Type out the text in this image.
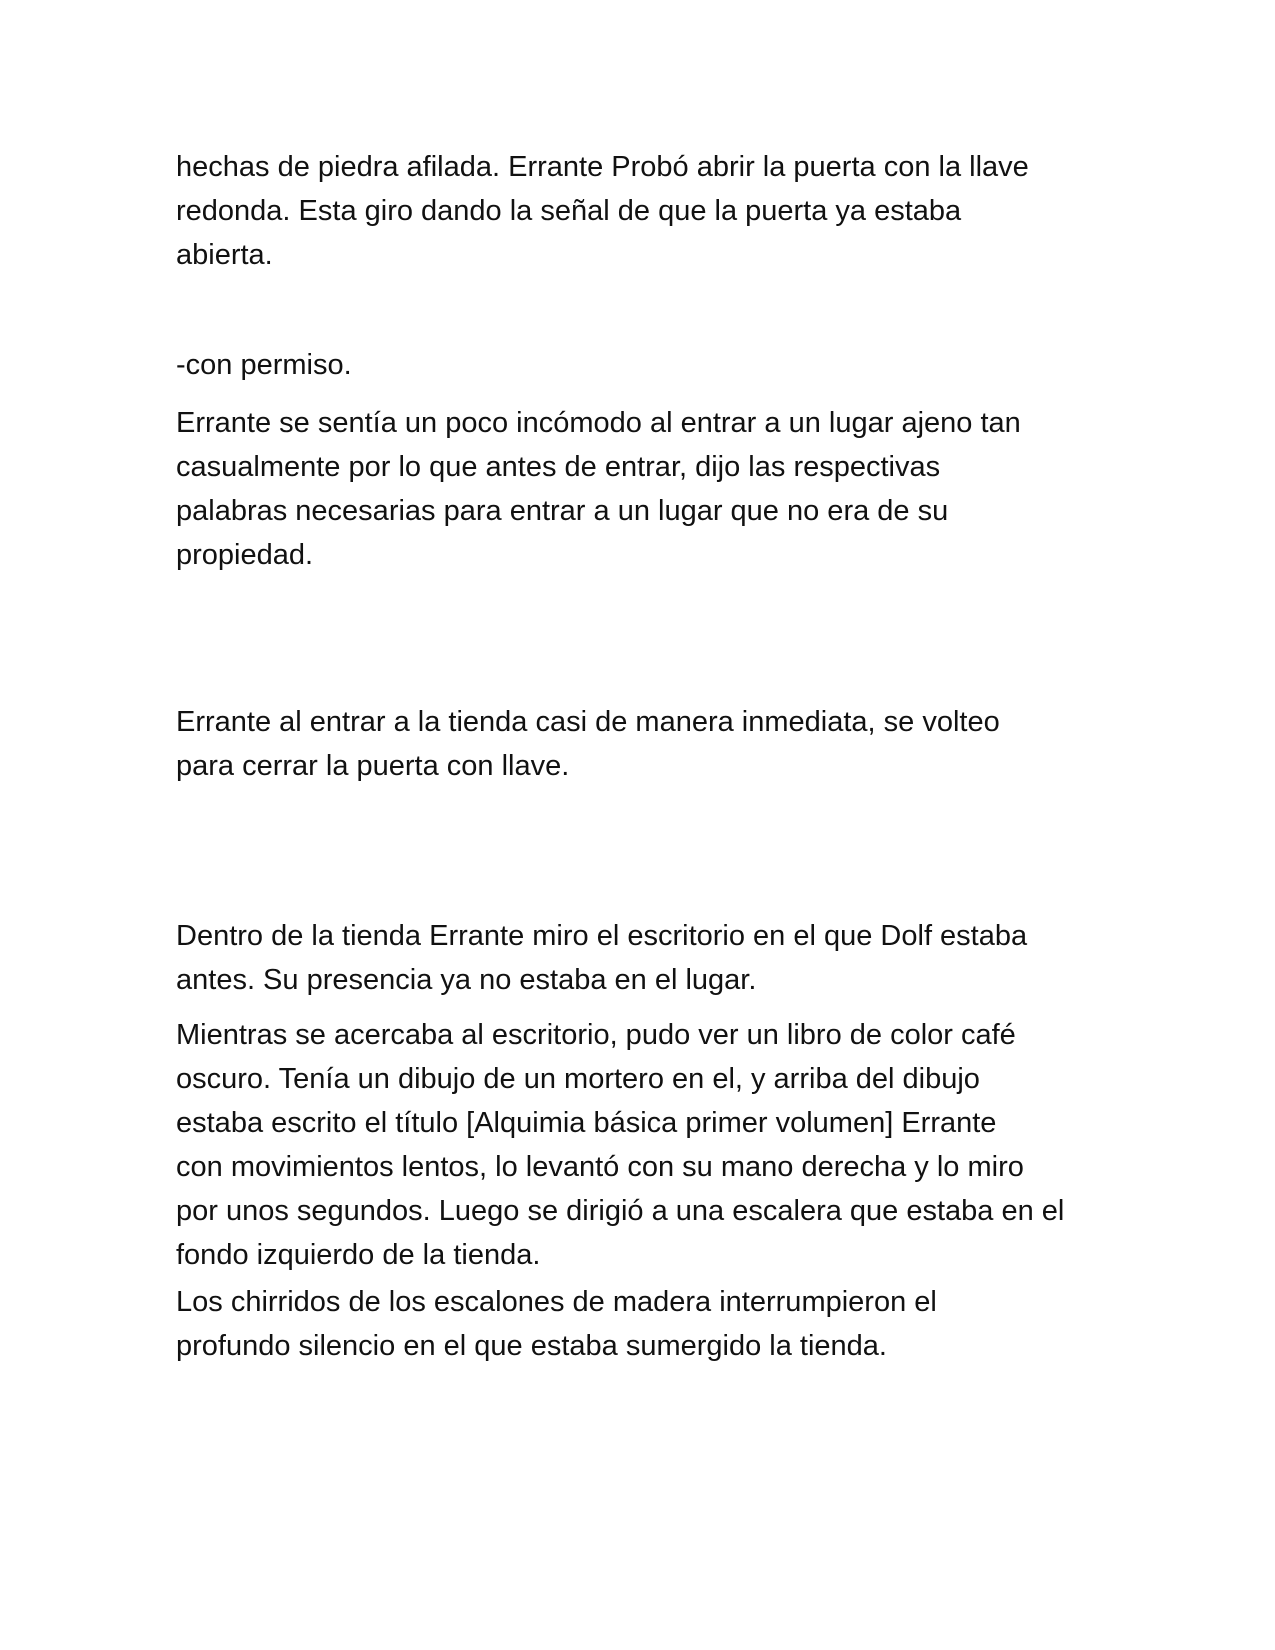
hechas de piedra afilada. Errante Probó abrir la puerta con la llave
redonda. Esta giro dando la señal de que la puerta ya estaba
abierta.

-con permiso.

Errante se sentía un poco incómodo al entrar a un lugar ajeno tan
casualmente por lo que antes de entrar, dijo las respectivas
palabras necesarias para entrar a un lugar que no era de su
propiedad.

Errante al entrar a la tienda casi de manera inmediata, se volteo
para cerrar la puerta con llave.

Dentro de la tienda Errante miro el escritorio en el que Dolf estaba
antes. Su presencia ya no estaba en el lugar.

Mientras se acercaba al escritorio, pudo ver un libro de color café
oscuro. Tenía un dibujo de un mortero en el, y arriba del dibujo
estaba escrito el título [Alquimia básica primer volumen] Errante
con movimientos lentos, lo levantó con su mano derecha y lo miro
por unos segundos. Luego se dirigió a una escalera que estaba en el
fondo izquierdo de la tienda.

Los chirridos de los escalones de madera interrumpieron el
profundo silencio en el que estaba sumergido la tienda.
